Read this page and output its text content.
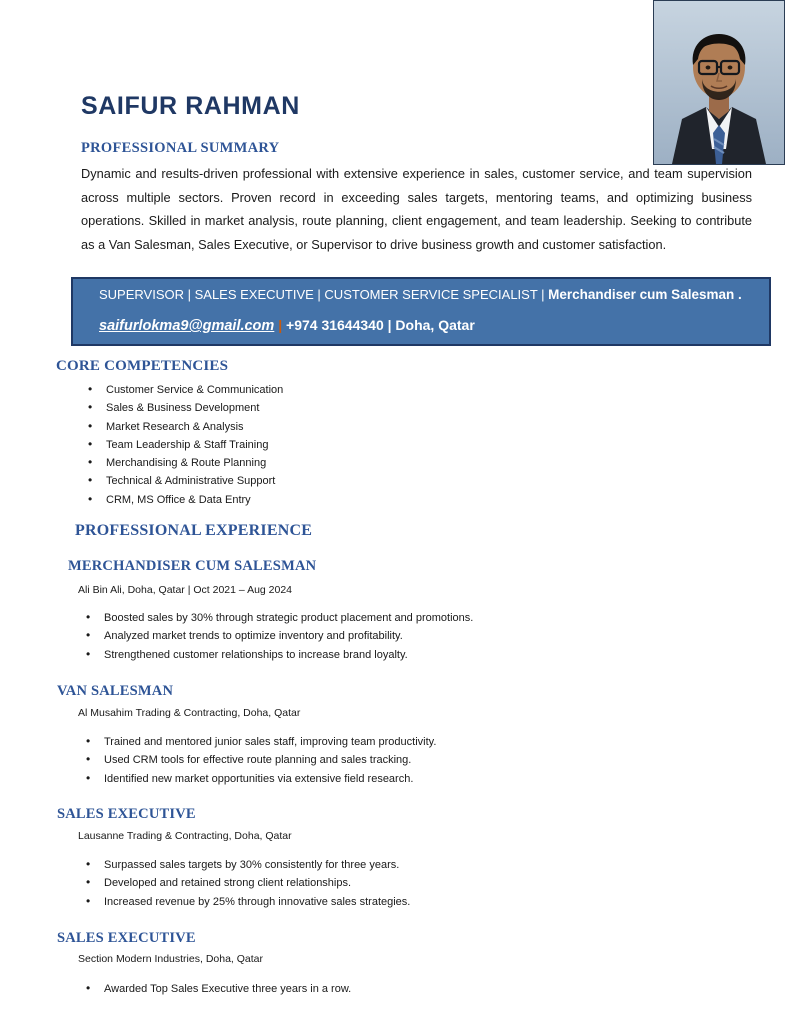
SAIFUR RAHMAN
PROFESSIONAL SUMMARY
Dynamic and results-driven professional with extensive experience in sales, customer service, and team supervision across multiple sectors. Proven record in exceeding sales targets, mentoring teams, and optimizing business operations. Skilled in market analysis, route planning, client engagement, and team leadership. Seeking to contribute as a Van Salesman, Sales Executive, or Supervisor to drive business growth and customer satisfaction.
SUPERVISOR | SALES EXECUTIVE | CUSTOMER SERVICE SPECIALIST | Merchandiser cum Salesman .
saifurlokma9@gmail.com | +974 31644340 | Doha, Qatar
CORE COMPETENCIES
• Customer Service & Communication
• Sales & Business Development
• Market Research & Analysis
• Team Leadership & Staff Training
• Merchandising & Route Planning
• Technical & Administrative Support
• CRM, MS Office & Data Entry
PROFESSIONAL EXPERIENCE
MERCHANDISER CUM SALESMAN
Ali Bin Ali, Doha, Qatar | Oct 2021 – Aug 2024
• Boosted sales by 30% through strategic product placement and promotions.
• Analyzed market trends to optimize inventory and profitability.
• Strengthened customer relationships to increase brand loyalty.
VAN SALESMAN
Al Musahim Trading & Contracting, Doha, Qatar
• Trained and mentored junior sales staff, improving team productivity.
• Used CRM tools for effective route planning and sales tracking.
• Identified new market opportunities via extensive field research.
SALES EXECUTIVE
Lausanne Trading & Contracting, Doha, Qatar
• Surpassed sales targets by 30% consistently for three years.
• Developed and retained strong client relationships.
• Increased revenue by 25% through innovative sales strategies.
SALES EXECUTIVE
Section Modern Industries, Doha, Qatar
• Awarded Top Sales Executive three years in a row.
